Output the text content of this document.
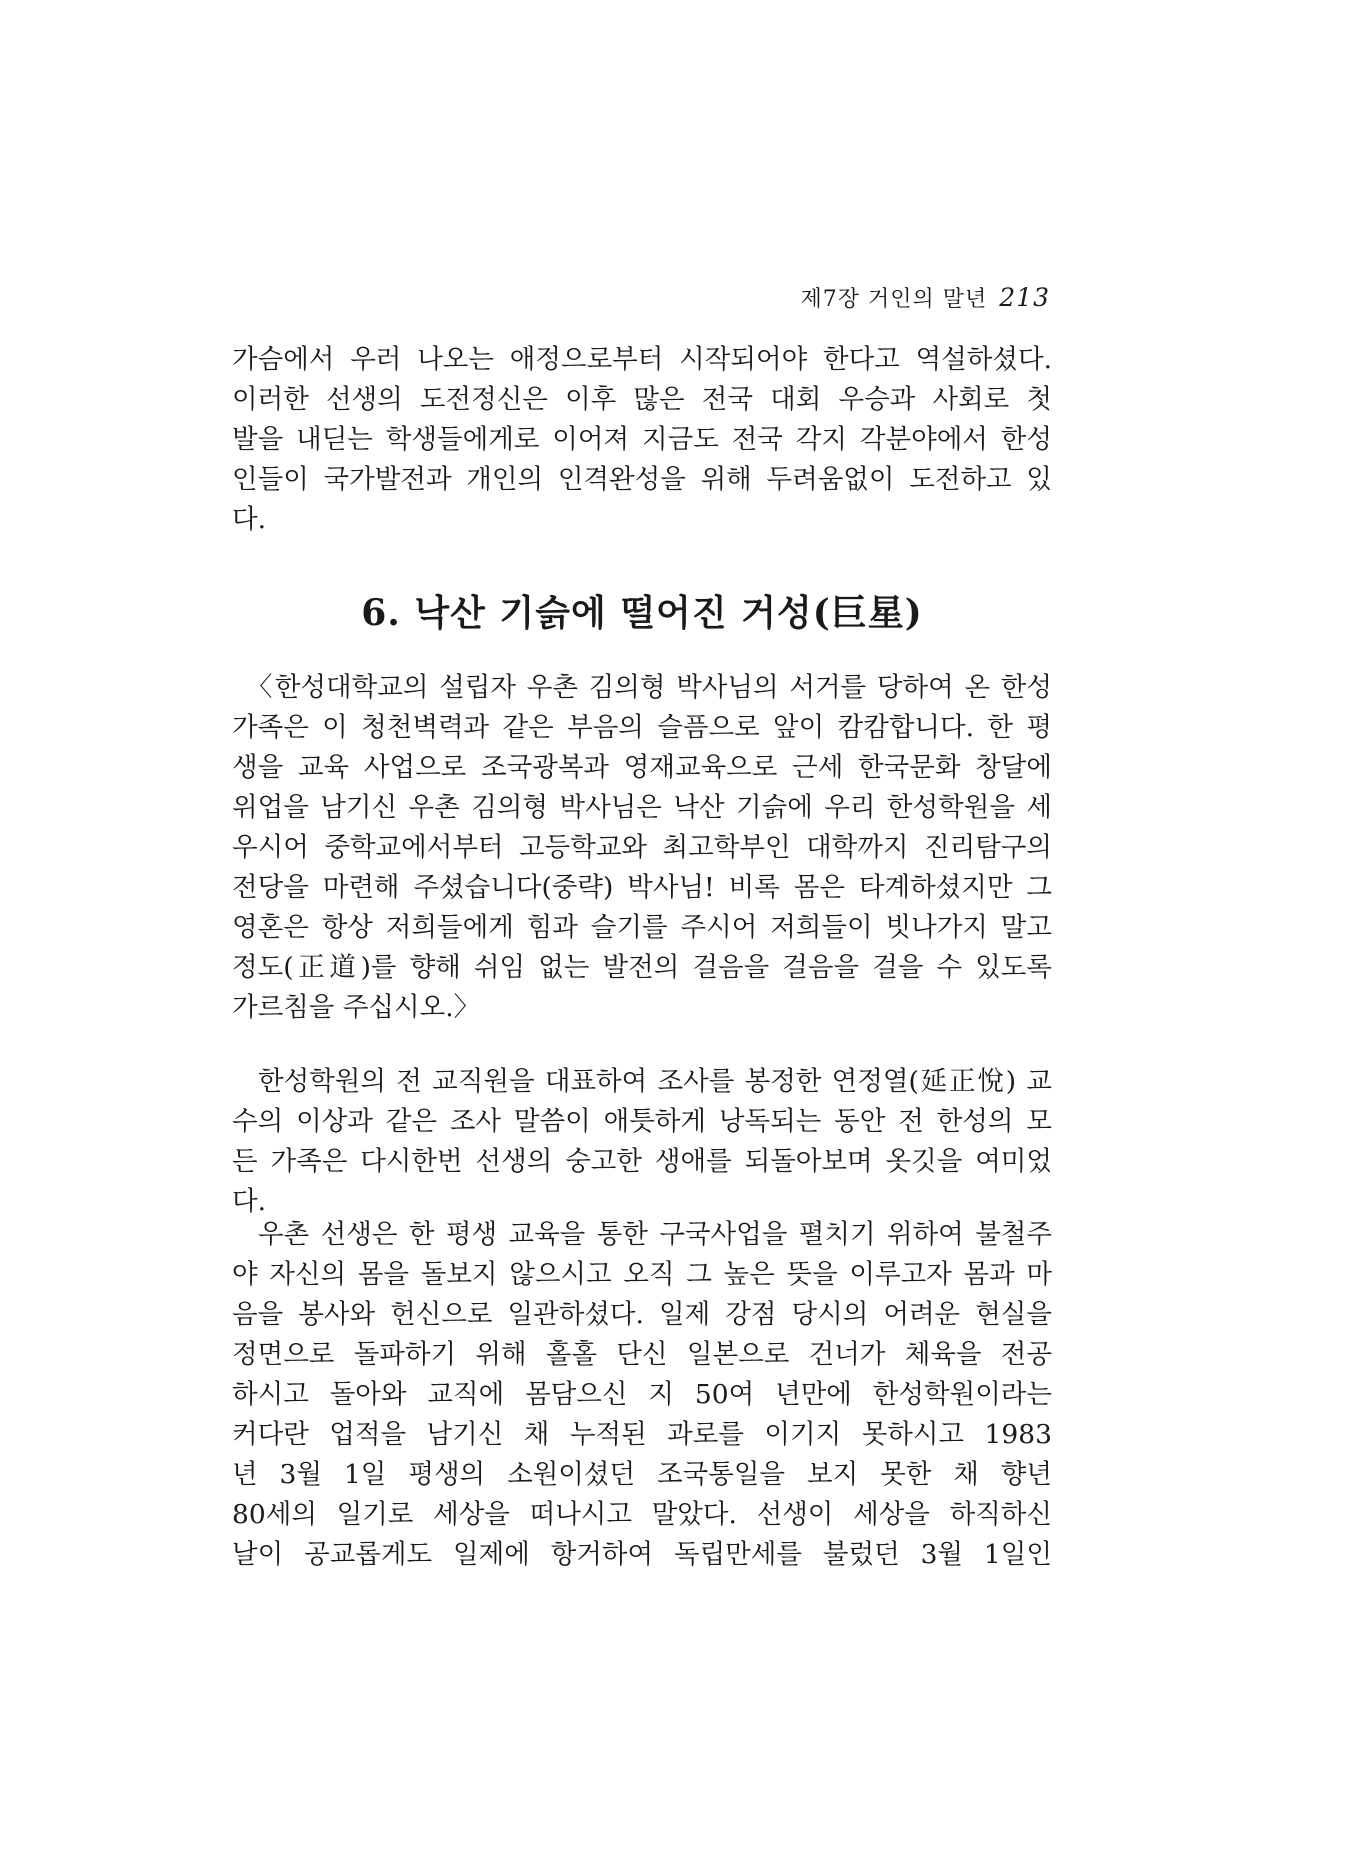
제7장 거인의 말년 213
가슴에서 우러 나오는 애정으로부터 시작되어야 한다고 역설하셨다.
이러한 선생의 도전정신은 이후 많은 전국 대회 우승과 사회로 첫
발을 내딛는 학생들에게로 이어져 지금도 전국 각지 각분야에서 한성
인들이 국가발전과 개인의 인격완성을 위해 두려움없이 도전하고 있
다.
6. 낙산 기슭에 떨어진 거성(巨星)
〈한성대학교의 설립자 우촌 김의형 박사님의 서거를 당하여 온 한성
가족은 이 청천벽력과 같은 부음의 슬픔으로 앞이 캄캄합니다. 한 평
생을 교육 사업으로 조국광복과 영재교육으로 근세 한국문화 창달에
위업을 남기신 우촌 김의형 박사님은 낙산 기슭에 우리 한성학원을 세
우시어 중학교에서부터 고등학교와 최고학부인 대학까지 진리탐구의
전당을 마련해 주셨습니다(중략) 박사님! 비록 몸은 타계하셨지만 그
영혼은 항상 저희들에게 힘과 슬기를 주시어 저희들이 빗나가지 말고
정도(正道)를 향해 쉬임 없는 발전의 걸음을 걸음을 걸을 수 있도록
가르침을 주십시오.〉
한성학원의 전 교직원을 대표하여 조사를 봉정한 연정열(延正悅) 교
수의 이상과 같은 조사 말씀이 애틋하게 낭독되는 동안 전 한성의 모
든 가족은 다시한번 선생의 숭고한 생애를 되돌아보며 옷깃을 여미었
다.
우촌 선생은 한 평생 교육을 통한 구국사업을 펼치기 위하여 불철주
야 자신의 몸을 돌보지 않으시고 오직 그 높은 뜻을 이루고자 몸과 마
음을 봉사와 헌신으로 일관하셨다. 일제 강점 당시의 어려운 현실을
정면으로 돌파하기 위해 홀홀 단신 일본으로 건너가 체육을 전공
하시고 돌아와 교직에 몸담으신 지 50여 년만에 한성학원이라는
커다란 업적을 남기신 채 누적된 과로를 이기지 못하시고 1983
년 3월 1일 평생의 소원이셨던 조국통일을 보지 못한 채 향년
80세의 일기로 세상을 떠나시고 말았다. 선생이 세상을 하직하신
날이 공교롭게도 일제에 항거하여 독립만세를 불렀던 3월 1일인
